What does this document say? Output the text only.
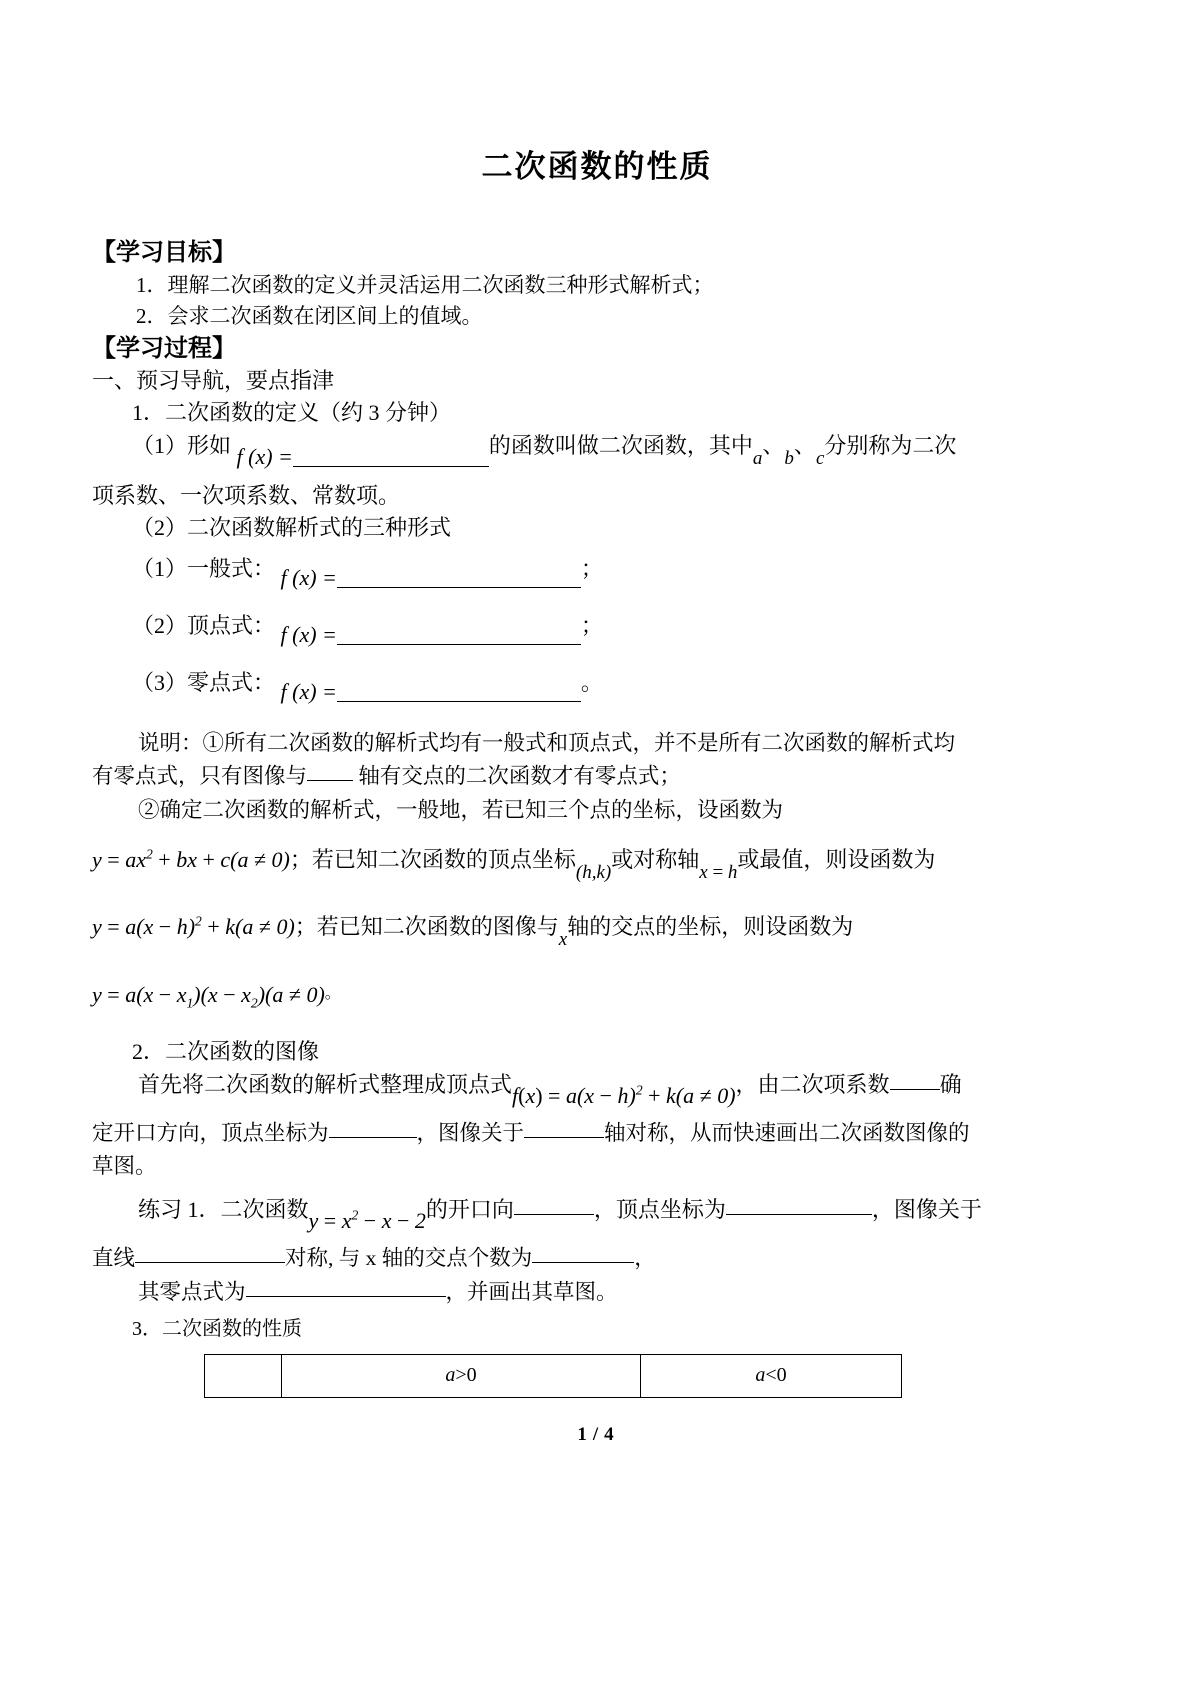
二次函数的性质
【学习目标】
1．理解二次函数的定义并灵活运用二次函数三种形式解析式；
2．会求二次函数在闭区间上的值域。
【学习过程】
一、预习导航，要点指津
1．二次函数的定义（约 3 分钟）
（1）形如 f (x) =	的函数叫做二次函数，其中a、b、c分别称为二次
项系数、一次项系数、常数项。
（2）二次函数解析式的三种形式
（1）一般式： f (x) =	；
（2）顶点式： f (x) =	；
（3）零点式： f (x) =	。
说明：①所有二次函数的解析式均有一般式和顶点式，并不是所有二次函数的解析式均
有零点式，只有图像与 轴有交点的二次函数才有零点式；
②确定二次函数的解析式，一般地，若已知三个点的坐标，设函数为
$y = ax^2$ + bx + c(a ≠ 0)；若已知二次函数的顶点坐标(h,k)或对称轴x = h或最值，则设函数为
$y = a(x - h)^2 + k(a \ne 0)$；若已知二次函数的图像与x轴的交点的坐标，则设函数为
$y = a(x - x_1)(x - x_2)(a \ne 0)$。
2．二次函数的图像
首先将二次函数的解析式整理成顶点式$f(x) = a(x - h)^2 + k(a \ne 0)$，由二次项系数 确
定开口方向，顶点坐标为	，图像关于	轴对称，从而快速画出二次函数图像的
草图。
练习 1．二次函数$y = x^2 - x - 2$的开口向	，顶点坐标为	，图像关于
直线	对称, 与 x 轴的交点个数为	，
其零点式为	，并画出其草图。
3．二次函数的性质
	a>0	a<0
1 / 4
